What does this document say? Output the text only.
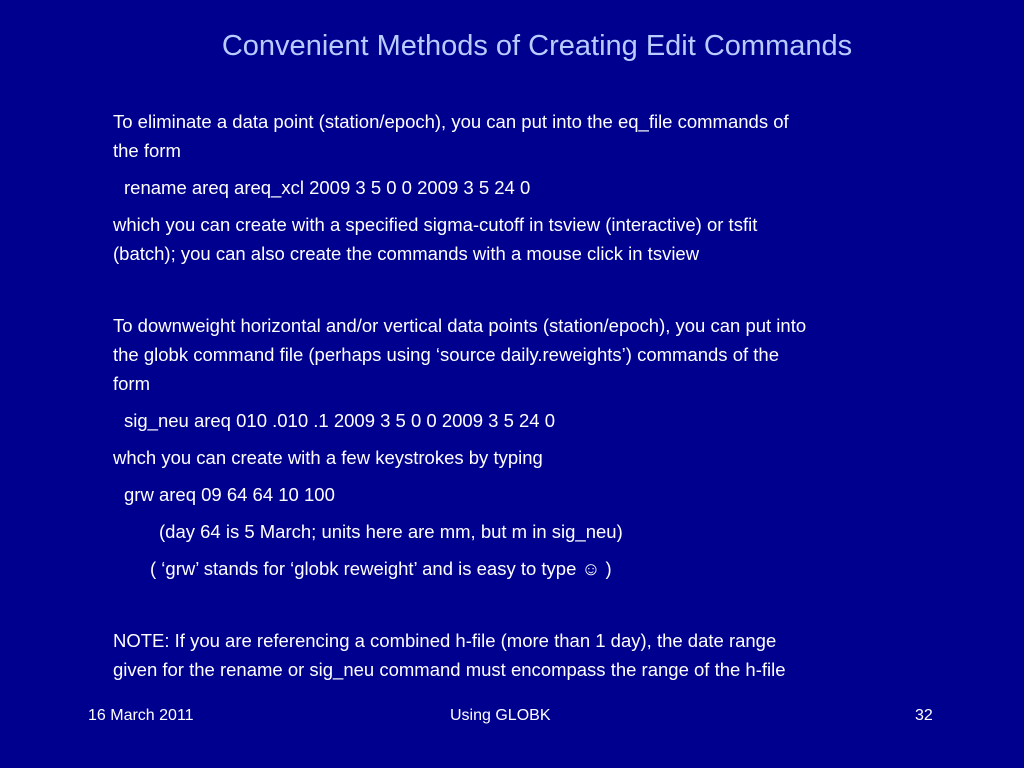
Convenient Methods of Creating Edit Commands

To eliminate a data point (station/epoch), you can put into the eq_file commands of

the form

rename areq areq_xcl 2009 3 5 0 0 2009 3 5 24 0

which you can create with a specified sigma-cutoff in tsview (interactive) or tsfit

(batch); you can also create the commands with a mouse click in tsview

To downweight horizontal and/or vertical data points (station/epoch), you can put into

the globk command file (perhaps using ‘source daily.reweights’) commands of the

form

sig_neu areq 010 .010 .1 2009 3 5 0 0 2009 3 5 24 0

whch you can create with a few keystrokes by typing

grw areq 09 64 64 10 100

(day 64 is 5 March; units here are mm, but m in sig_neu)

( ‘grw’ stands for ‘globk reweight’ and is easy to type ☺ )

NOTE: If you are referencing a combined h-file (more than 1 day), the date range

given for the rename or sig_neu command must encompass the range of the h-file

16 March 2011	Using GLOBK	32
